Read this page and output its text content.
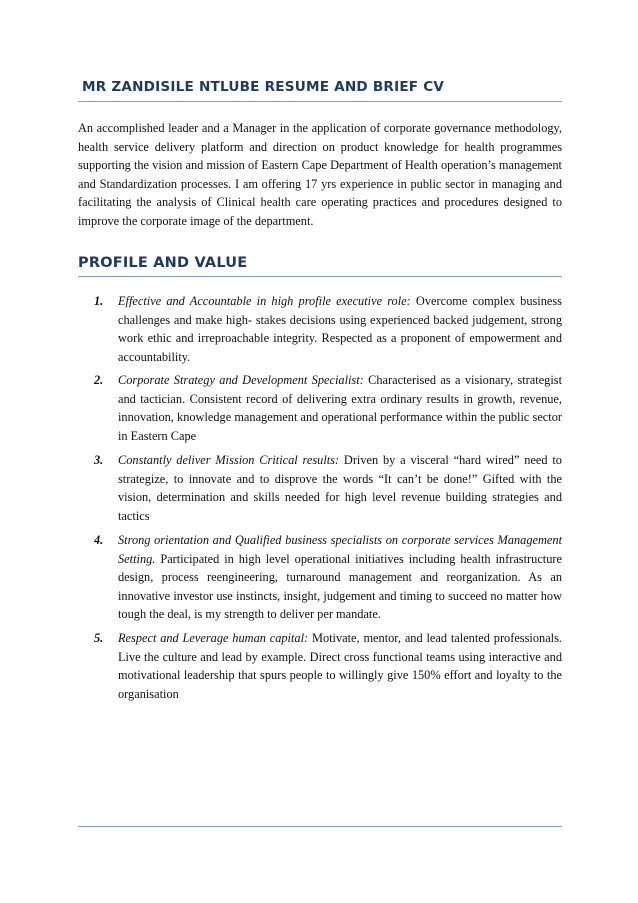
MR ZANDISILE NTLUBE RESUME AND BRIEF CV

An accomplished leader and a Manager in the application of corporate governance methodology, health service delivery platform and direction on product knowledge for health programmes supporting the vision and mission of Eastern Cape Department of Health operation’s management and Standardization processes. I am offering 17 yrs experience in public sector in managing and facilitating the analysis of Clinical health care operating practices and procedures designed to improve the corporate image of the department.

PROFILE AND VALUE
1. Effective and Accountable in high profile executive role: Overcome complex business challenges and make high- stakes decisions using experienced backed judgement, strong work ethic and irreproachable integrity. Respected as a proponent of empowerment and accountability.

2. Corporate Strategy and Development Specialist: Characterised as a visionary, strategist and tactician. Consistent record of delivering extra ordinary results in growth, revenue, innovation, knowledge management and operational performance within the public sector in Eastern Cape

3. Constantly deliver Mission Critical results: Driven by a visceral “hard wired” need to strategize, to innovate and to disprove the words “It can’t be done!” Gifted with the vision, determination and skills needed for high level revenue building strategies and tactics

4. Strong orientation and Qualified business specialists on corporate services Management Setting. Participated in high level operational initiatives including health infrastructure design, process reengineering, turnaround management and reorganization. As an innovative investor use instincts, insight, judgement and timing to succeed no matter how tough the deal, is my strength to deliver per mandate.

5. Respect and Leverage human capital: Motivate, mentor, and lead talented professionals. Live the culture and lead by example. Direct cross functional teams using interactive and motivational leadership that spurs people to willingly give 150% effort and loyalty to the organisation
